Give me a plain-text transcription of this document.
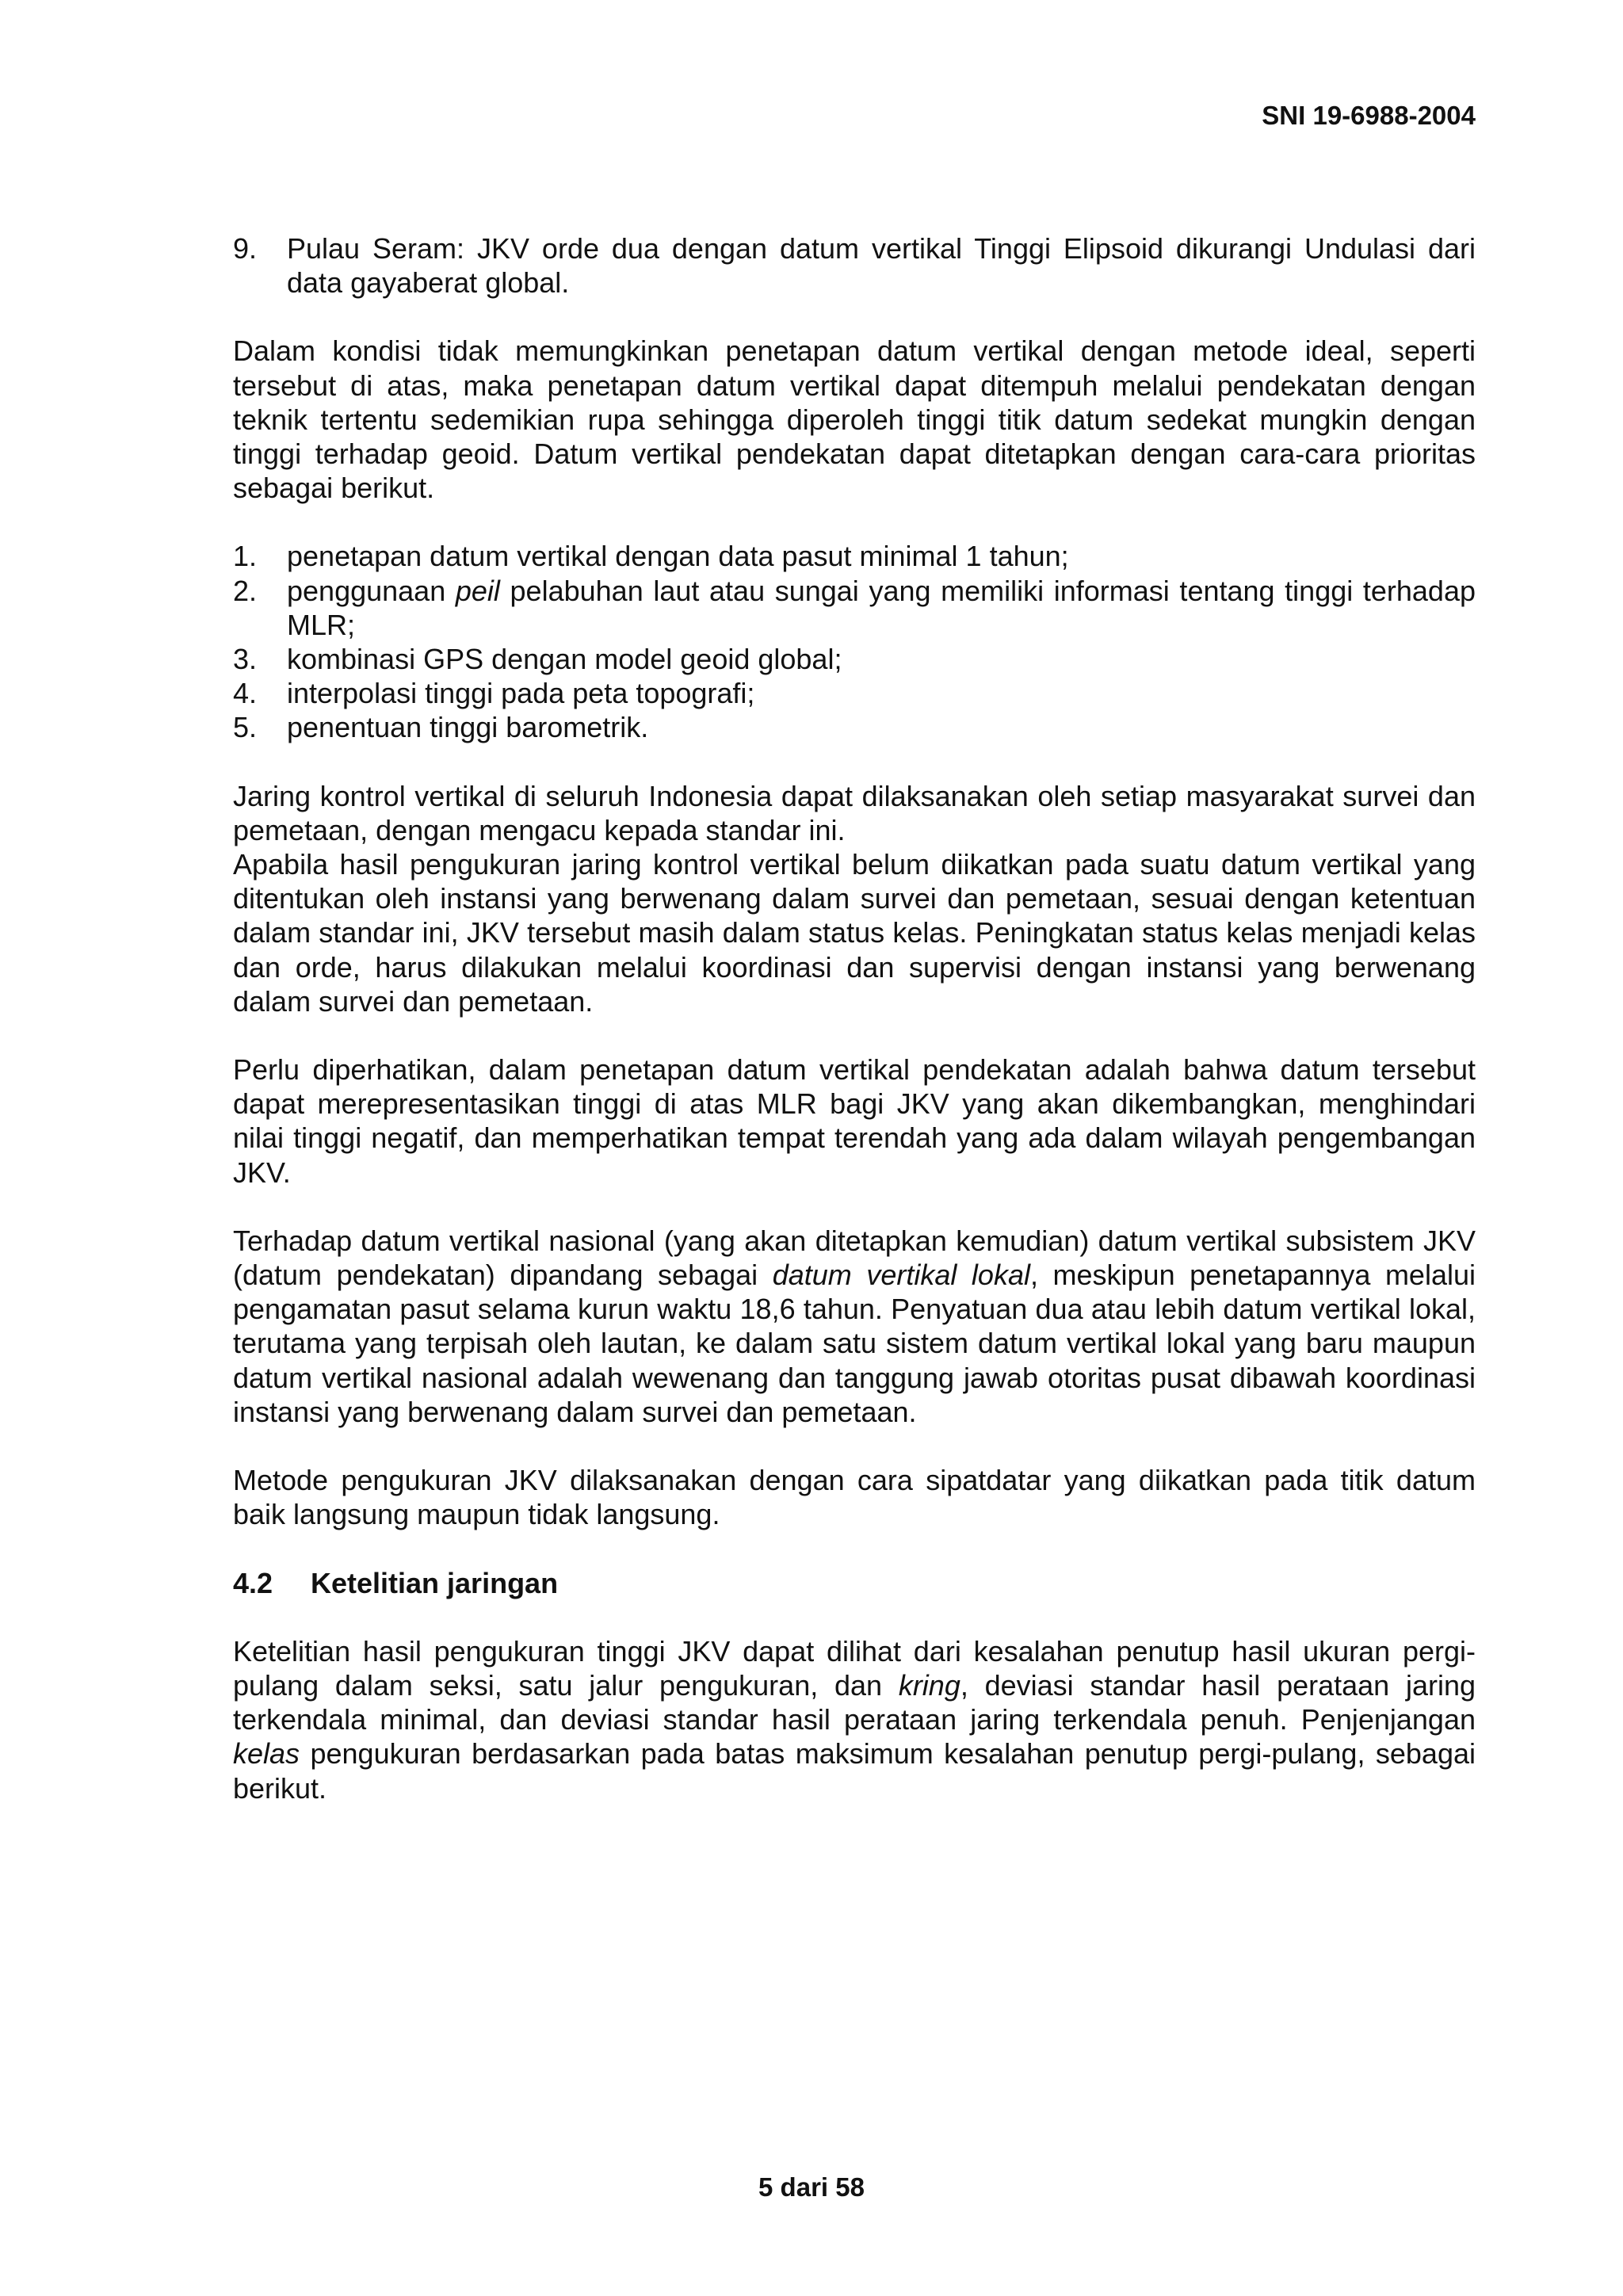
SNI 19-6988-2004
9.	Pulau Seram: JKV orde dua dengan datum vertikal Tinggi Elipsoid dikurangi Undulasi dari data gayaberat global.

Dalam kondisi tidak memungkinkan penetapan datum vertikal dengan metode ideal, seperti tersebut di atas, maka penetapan datum vertikal dapat ditempuh melalui pendekatan dengan teknik tertentu sedemikian rupa sehingga diperoleh tinggi titik datum sedekat mungkin dengan tinggi terhadap geoid. Datum vertikal pendekatan dapat ditetapkan dengan cara-cara prioritas sebagai berikut.

1.	penetapan datum vertikal dengan data pasut minimal 1 tahun;
2.	penggunaan peil pelabuhan laut atau sungai yang memiliki informasi tentang tinggi terhadap MLR;
3.	kombinasi GPS dengan model geoid global;
4.	interpolasi tinggi pada peta topografi;
5.	penentuan tinggi barometrik.

Jaring kontrol vertikal di seluruh Indonesia dapat dilaksanakan oleh setiap masyarakat survei dan pemetaan, dengan mengacu kepada standar ini.

Apabila hasil pengukuran jaring kontrol vertikal belum diikatkan pada suatu datum vertikal yang ditentukan oleh instansi yang berwenang dalam survei dan pemetaan, sesuai dengan ketentuan dalam standar ini, JKV tersebut masih dalam status kelas. Peningkatan status kelas menjadi kelas dan orde, harus dilakukan melalui koordinasi dan supervisi dengan instansi yang berwenang dalam survei dan pemetaan.

Perlu diperhatikan, dalam penetapan datum vertikal pendekatan adalah bahwa datum tersebut dapat merepresentasikan tinggi di atas MLR bagi JKV yang akan dikembangkan, menghindari nilai tinggi negatif, dan memperhatikan tempat terendah yang ada dalam wilayah pengembangan JKV.

Terhadap datum vertikal nasional (yang akan ditetapkan kemudian) datum vertikal subsistem JKV (datum pendekatan) dipandang sebagai datum vertikal lokal, meskipun penetapannya melalui pengamatan pasut selama kurun waktu 18,6 tahun. Penyatuan dua atau lebih datum vertikal lokal, terutama yang terpisah oleh lautan, ke dalam satu sistem datum vertikal lokal yang baru maupun datum vertikal nasional adalah wewenang dan tanggung jawab otoritas pusat dibawah koordinasi instansi yang berwenang dalam survei dan pemetaan.

Metode pengukuran JKV dilaksanakan dengan cara sipatdatar yang diikatkan pada titik datum baik langsung maupun tidak langsung.

4.2	Ketelitian jaringan

Ketelitian hasil pengukuran tinggi JKV dapat dilihat dari kesalahan penutup hasil ukuran pergi-pulang dalam seksi, satu jalur pengukuran, dan kring, deviasi standar hasil perataan jaring terkendala minimal, dan deviasi standar hasil perataan jaring terkendala penuh. Penjenjangan kelas pengukuran berdasarkan pada batas maksimum kesalahan penutup pergi-pulang, sebagai berikut.

5 dari 58
